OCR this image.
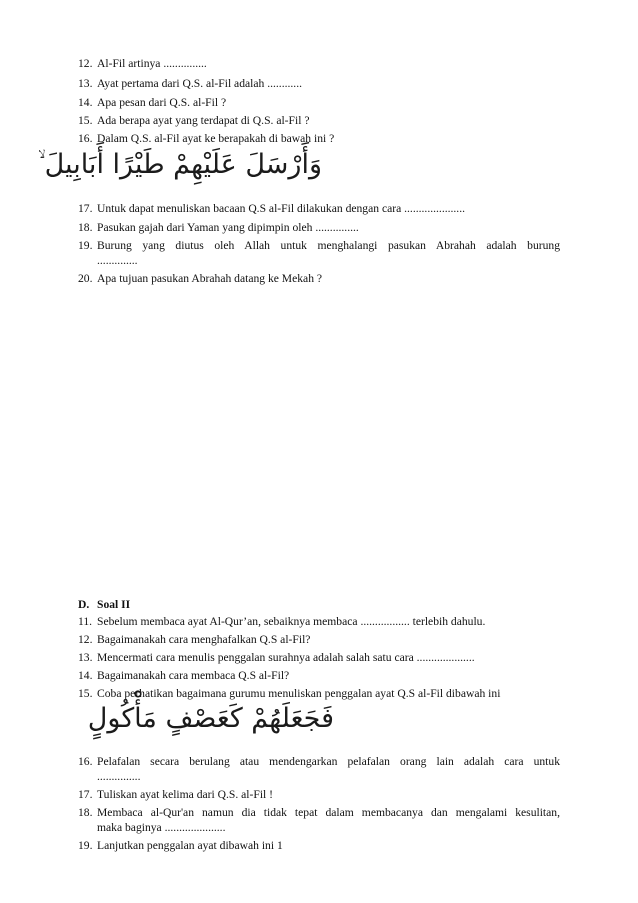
12. Al-Fil artinya ...............
13. Ayat pertama dari Q.S. al-Fil adalah ............
14. Apa pesan dari Q.S. al-Fil ?
15. Ada berapa ayat yang terdapat di Q.S. al-Fil ?
16. Dalam Q.S. al-Fil ayat ke berapakah di bawah ini ?
وَأَرْسَلَ عَلَيْهِمْ طَيْرًا أَبَابِيلَ ۙ
17. Untuk dapat menuliskan bacaan Q.S al-Fil dilakukan dengan cara .....................
18. Pasukan gajah dari Yaman yang dipimpin oleh ...............
19. Burung yang diutus oleh Allah untuk menghalangi pasukan Abrahah adalah burung
..............
20. Apa tujuan pasukan Abrahah datang ke Mekah ?
D. Soal II
11. Sebelum membaca ayat Al-Qur’an, sebaiknya membaca ................. terlebih dahulu.
12. Bagaimanakah cara menghafalkan Q.S al-Fil?
13. Mencermati cara menulis penggalan surahnya adalah salah satu cara ....................
14. Bagaimanakah cara membaca Q.S al-Fil?
15. Coba perhatikan bagaimana gurumu menuliskan penggalan ayat Q.S al-Fil dibawah ini
فَجَعَلَهُمْ كَعَصْفٍ مَأْكُولٍ
16. Pelafalan secara berulang atau mendengarkan pelafalan orang lain adalah cara untuk
...............
17. Tuliskan ayat kelima dari Q.S. al-Fil !
18. Membaca al-Qur'an namun dia tidak tepat dalam membacanya dan mengalami kesulitan,
maka baginya .....................
19. Lanjutkan penggalan ayat dibawah ini 1
